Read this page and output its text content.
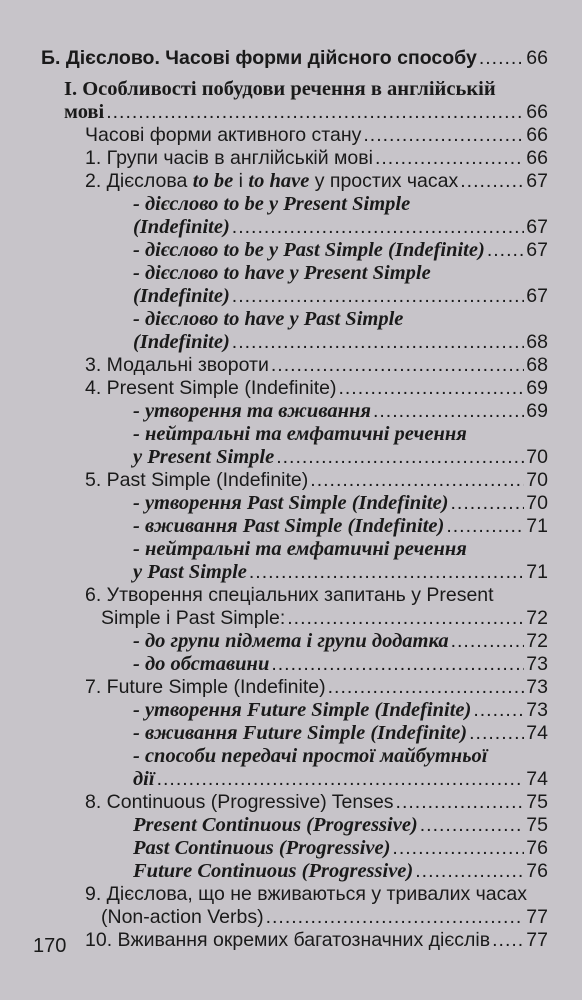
Б. Дієслово. Часові форми дійсного способу .....	66
І. Особливості побудови речення в англійській
мові .....	66
Часові форми активного стану .....	66
1. Групи часів в англійській мові .....	66
2. Дієслова to be і to have у простих часах .....	67
- дієслово to be у Present Simple
(Indefinite) .....	67
- дієслово to be у Past Simple (Indefinite) ..... 67
- дієслово to have у Present Simple
(Indefinite) .....	67
- дієслово to have у Past Simple
(Indefinite) .....	68
3. Модальні звороти .....	68
4. Present Simple (Indefinite) .....	69
- утворення та вживання .....	69
- нейтральні та емфатичні речення
у Present Simple .....	70
5. Past Simple (Indefinite) .....	70
- утворення Past Simple (Indefinite) .....	70
- вживання Past Simple (Indefinite) .....	71
- нейтральні та емфатичні речення
у Past Simple .....	71
6. Утворення спеціальних запитань у Present
Simple і Past Simple: .....	72
- до групи підмета і групи додатка .....	72
- до обставини .....	73
7. Future Simple (Indefinite) .....	73
- утворення Future Simple (Indefinite) .....	73
- вживання Future Simple (Indefinite) .....	74
- способи передачі простої майбутньої
дії .....	74
8. Continuous (Progressive) Tenses .....	75
Present Continuous (Progressive) .....	75
Past Continuous (Progressive) .....	76
Future Continuous (Progressive) .....	76
9. Дієслова, що не вживаються у тривалих часах
(Non-action Verbs) .....	77
10. Вживання окремих багатозначних дієслів ..... 77
170
